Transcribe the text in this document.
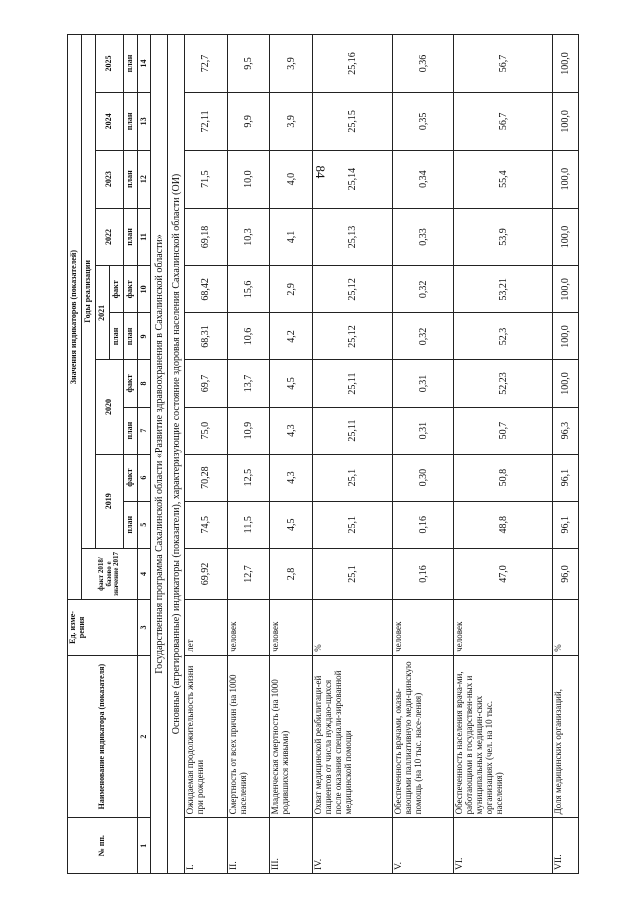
84
№ пп.	Наименование индикатора (показателя)	Ед. изме-рения	Значения индикаторов (показателей)										
			факт 2018/базово е значение 2017	Годы реализации									
				2019		2020		2021		2022	2023	2024	2025
								план	факт				
				план	факт	план	факт	план	факт	план	план	план	план
1	2	3	4	5	6	7	8	9	10	11	12	13	14
Государственная программа Сахалинской области «Развитие здравоохранения в Сахалинской области»													
Основные (агрегированные) индикаторы (показатели), характеризующие состояние здоровья населения Сахалинской области (ОИ)													
I.	Ожидаемая продолжительность жизни при рождении	лет	69,92	74,5	70,28	75,0	69,7	68,31	68,42	69,18	71,5	72,11	72,7
II.	Смертность от всех причин (на 1000 населения)	человек	12,7	11,5	12,5	10,9	13,7	10,6	15,6	10,3	10,0	9,9	9,5
III.	Младенческая смертность (на 1000 родившихся живыми)	человек	2,8	4,5	4,3	4,3	4,5	4,2	2,9	4,1	4,0	3,9	3,9
IV.	Охват медицинской реабилитаци-ей пациентов от числа нуждаю-щихся после оказания специали-зированной медицинской помощи	%	25,1	25,1	25,1	25,11	25,11	25,12	25,12	25,13	25,14	25,15	25,16
V.	Обеспеченность врачами, оказы-вающими паллиативную меди-цинскую помощь (на 10 тыс. насе-ления)	человек	0,16	0,16	0,30	0,31	0,31	0,32	0,32	0,33	0,34	0,35	0,36
VI.	Обеспеченность населения врача-ми, работающими в государствен-ных и муниципальных медицин-ских организациях (чел. на 10 тыс. населения)	человек	47,0	48,8	50,8	50,7	52,23	52,3	53,21	53,9	55,4	56,7	56,7
VII.	Доля медицинских организаций,	%	96,0	96,1	96,1	96,3	100,0	100,0	100,0	100,0	100,0	100,0	100,0
